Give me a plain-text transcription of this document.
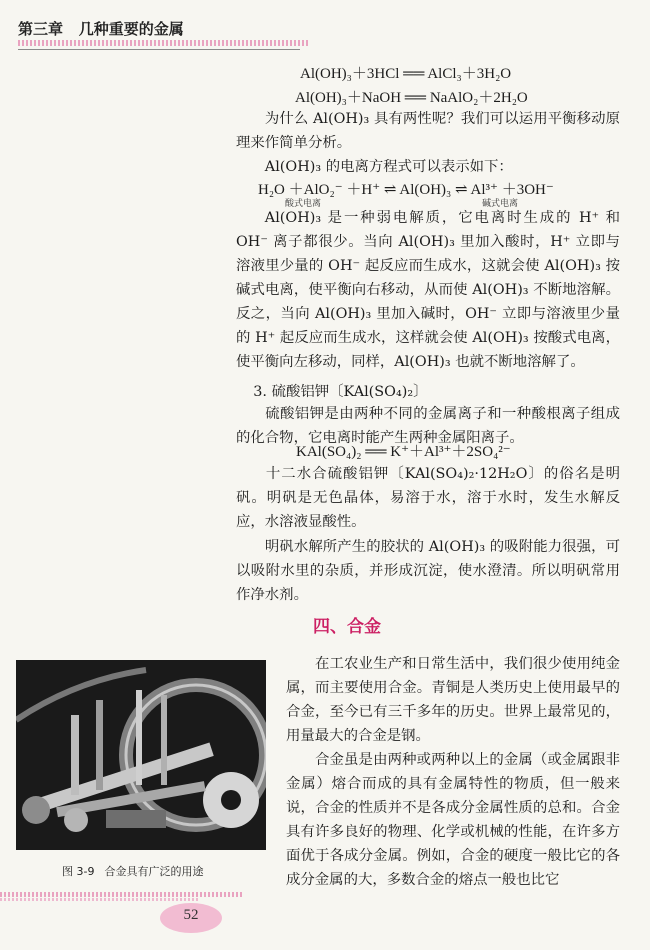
第三章 几种重要的金属
Al(OH)₃＋3HCl ══ AlCl₃＋3H₂O
Al(OH)₃＋NaOH ══ NaAlO₂＋2H₂O
为什么 Al(OH)₃ 具有两性呢？我们可以运用平衡移动原理来作简单分析。
Al(OH)₃ 的电离方程式可以表示如下：
H₂O ＋AlO₂⁻ ＋H⁺ ⇌ Al(OH)₃ ⇌ Al³⁺ ＋3OH⁻
酸式电离	碱式电离
Al(OH)₃ 是一种弱电解质，它电离时生成的 H⁺ 和 OH⁻ 离子都很少。当向 Al(OH)₃ 里加入酸时，H⁺ 立即与溶液里少量的 OH⁻ 起反应而生成水，这就会使 Al(OH)₃ 按碱式电离，使平衡向右移动，从而使 Al(OH)₃ 不断地溶解。反之，当向 Al(OH)₃ 里加入碱时，OH⁻ 立即与溶液里少量的 H⁺ 起反应而生成水，这样就会使 Al(OH)₃ 按酸式电离，使平衡向左移动，同样，Al(OH)₃ 也就不断地溶解了。
3. 硫酸铝钾〔KAl(SO₄)₂〕
硫酸铝钾是由两种不同的金属离子和一种酸根离子组成的化合物，它电离时能产生两种金属阳离子。
KAl(SO₄)₂ ══ K⁺＋Al³⁺＋2SO₄²⁻
十二水合硫酸铝钾〔KAl(SO₄)₂·12H₂O〕的俗名是明矾。明矾是无色晶体，易溶于水，溶于水时，发生水解反应，水溶液显酸性。
明矾水解所产生的胶状的 Al(OH)₃ 的吸附能力很强，可以吸附水里的杂质，并形成沉淀，使水澄清。所以明矾常用作净水剂。
四、合金
图 3-9 合金具有广泛的用途
在工农业生产和日常生活中，我们很少使用纯金属，而主要使用合金。青铜是人类历史上使用最早的合金，至今已有三千多年的历史。世界上最常见的，用量最大的合金是钢。
合金虽是由两种或两种以上的金属（或金属跟非金属）熔合而成的具有金属特性的物质，但一般来说，合金的性质并不是各成分金属性质的总和。合金具有许多良好的物理、化学或机械的性能，在许多方面优于各成分金属。例如，合金的硬度一般比它的各成分金属的大，多数合金的熔点一般也比它
52
